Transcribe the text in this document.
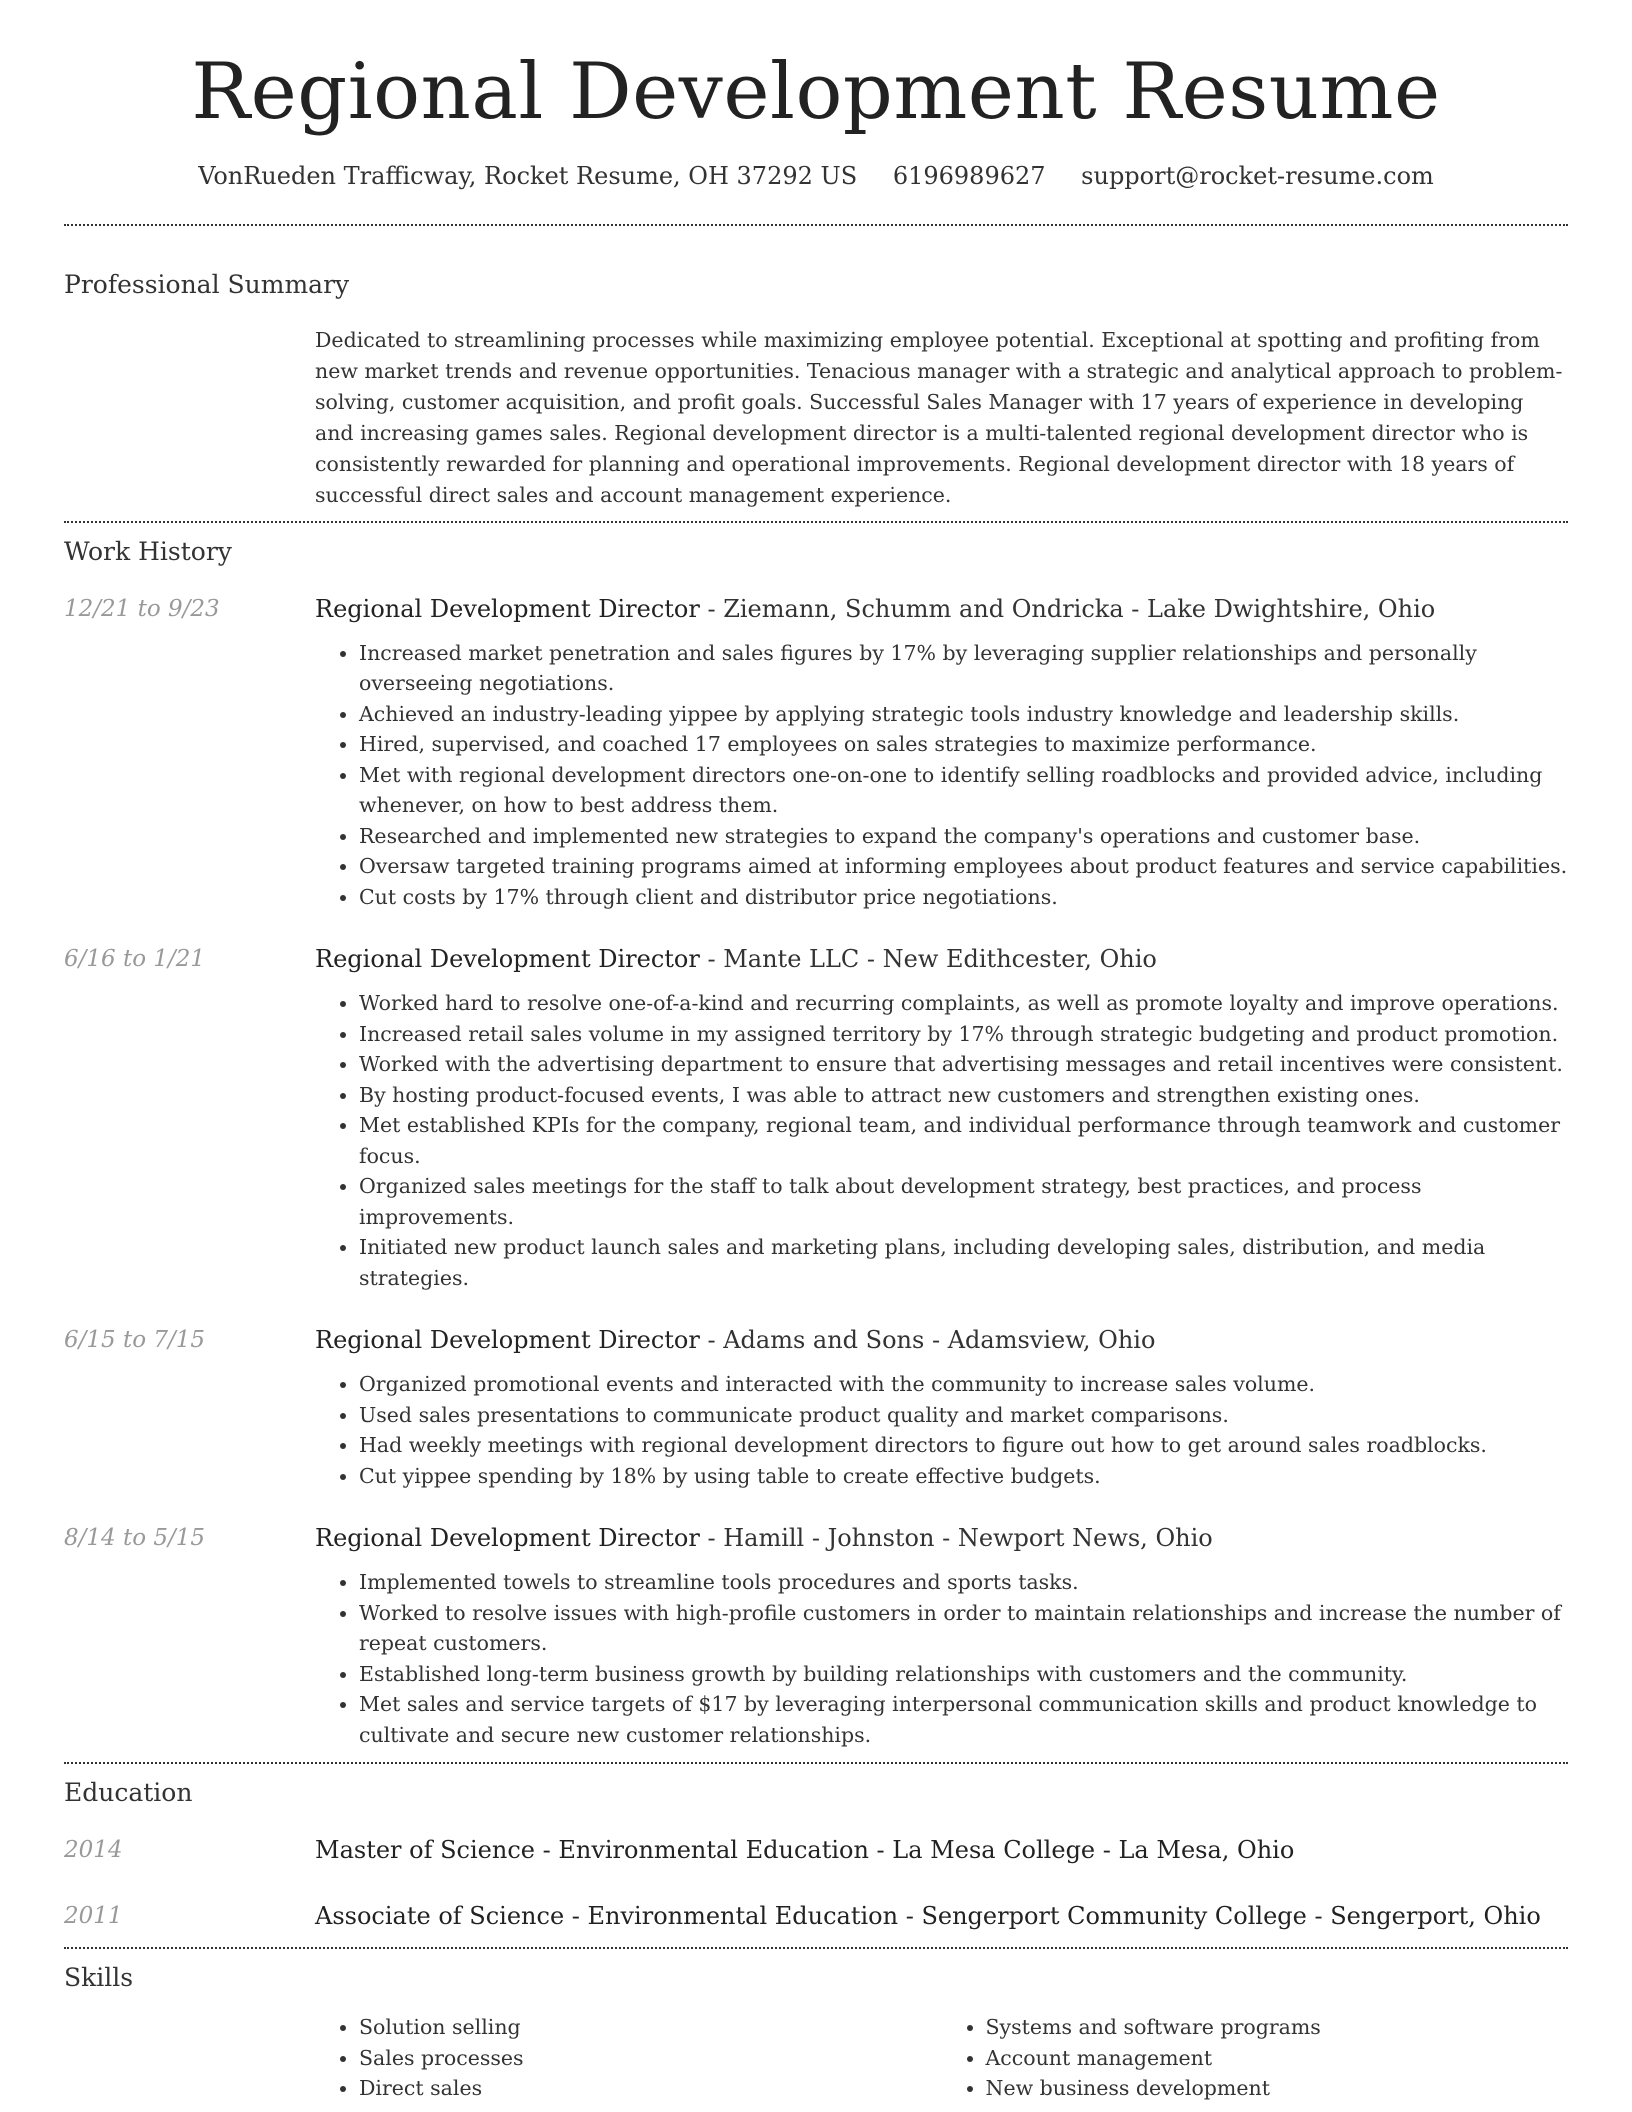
Regional Development Resume
VonRueden Trafficway, Rocket Resume, OH 37292 US 6196989627 support@rocket-resume.com
Professional Summary
Dedicated to streamlining processes while maximizing employee potential. Exceptional at spotting and profiting from new market trends and revenue opportunities. Tenacious manager with a strategic and analytical approach to problem-solving, customer acquisition, and profit goals. Successful Sales Manager with 17 years of experience in developing and increasing games sales. Regional development director is a multi-talented regional development director who is consistently rewarded for planning and operational improvements. Regional development director with 18 years of successful direct sales and account management experience.
Work History
12/21 to 9/23	Regional Development Director - Ziemann, Schumm and Ondricka - Lake Dwightshire, Ohio
• Increased market penetration and sales figures by 17% by leveraging supplier relationships and personally overseeing negotiations.
• Achieved an industry-leading yippee by applying strategic tools industry knowledge and leadership skills.
• Hired, supervised, and coached 17 employees on sales strategies to maximize performance.
• Met with regional development directors one-on-one to identify selling roadblocks and provided advice, including whenever, on how to best address them.
• Researched and implemented new strategies to expand the company's operations and customer base.
• Oversaw targeted training programs aimed at informing employees about product features and service capabilities.
• Cut costs by 17% through client and distributor price negotiations.
6/16 to 1/21	Regional Development Director - Mante LLC - New Edithcester, Ohio
• Worked hard to resolve one-of-a-kind and recurring complaints, as well as promote loyalty and improve operations.
• Increased retail sales volume in my assigned territory by 17% through strategic budgeting and product promotion.
• Worked with the advertising department to ensure that advertising messages and retail incentives were consistent.
• By hosting product-focused events, I was able to attract new customers and strengthen existing ones.
• Met established KPIs for the company, regional team, and individual performance through teamwork and customer focus.
• Organized sales meetings for the staff to talk about development strategy, best practices, and process improvements.
• Initiated new product launch sales and marketing plans, including developing sales, distribution, and media strategies.
6/15 to 7/15	Regional Development Director - Adams and Sons - Adamsview, Ohio
• Organized promotional events and interacted with the community to increase sales volume.
• Used sales presentations to communicate product quality and market comparisons.
• Had weekly meetings with regional development directors to figure out how to get around sales roadblocks.
• Cut yippee spending by 18% by using table to create effective budgets.
8/14 to 5/15	Regional Development Director - Hamill - Johnston - Newport News, Ohio
• Implemented towels to streamline tools procedures and sports tasks.
• Worked to resolve issues with high-profile customers in order to maintain relationships and increase the number of repeat customers.
• Established long-term business growth by building relationships with customers and the community.
• Met sales and service targets of $17 by leveraging interpersonal communication skills and product knowledge to cultivate and secure new customer relationships.
Education
2014	Master of Science - Environmental Education - La Mesa College - La Mesa, Ohio
2011	Associate of Science - Environmental Education - Sengerport Community College - Sengerport, Ohio
Skills
• Solution selling
• Sales processes
• Direct sales
• Systems and software programs
• Account management
• New business development
